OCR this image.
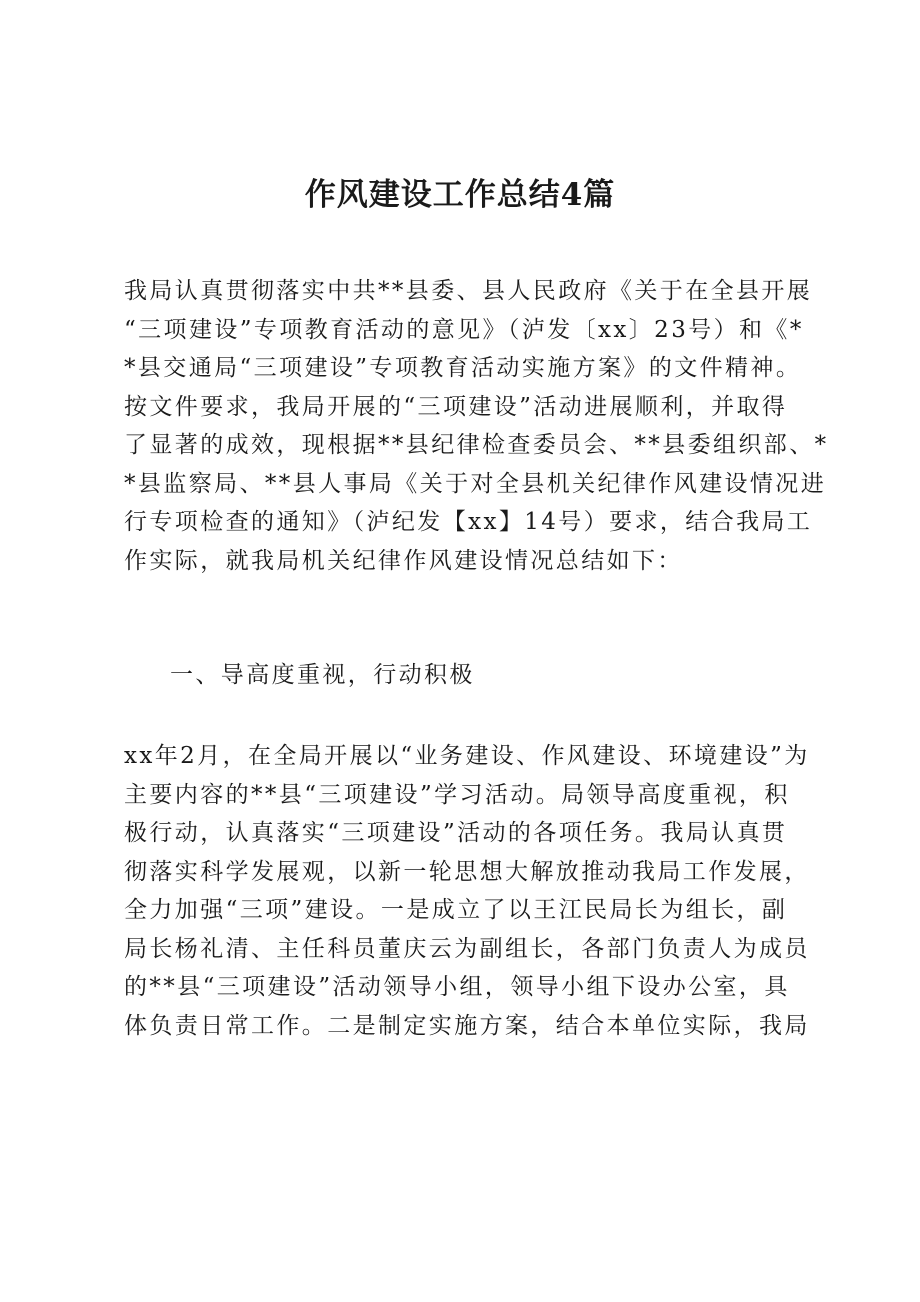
作风建设工作总结4篇

我局认真贯彻落实中共**县委、县人民政府《关于在全县开展
“三项建设”专项教育活动的意见》（泸发〔xx〕23号）和《*
*县交通局“三项建设”专项教育活动实施方案》的文件精神。
按文件要求，我局开展的“三项建设”活动进展顺利，并取得
了显著的成效，现根据**县纪律检查委员会、**县委组织部、*
*县监察局、**县人事局《关于对全县机关纪律作风建设情况进
行专项检查的通知》（泸纪发【xx】14号）要求，结合我局工
作实际，就我局机关纪律作风建设情况总结如下：

一、导高度重视，行动积极

xx年2月，在全局开展以“业务建设、作风建设、环境建设”为
主要内容的**县“三项建设”学习活动。局领导高度重视，积
极行动，认真落实“三项建设”活动的各项任务。我局认真贯
彻落实科学发展观，以新一轮思想大解放推动我局工作发展，
全力加强“三项”建设。一是成立了以王江民局长为组长，副
局长杨礼清、主任科员董庆云为副组长，各部门负责人为成员
的**县“三项建设”活动领导小组，领导小组下设办公室，具
体负责日常工作。二是制定实施方案，结合本单位实际，我局
